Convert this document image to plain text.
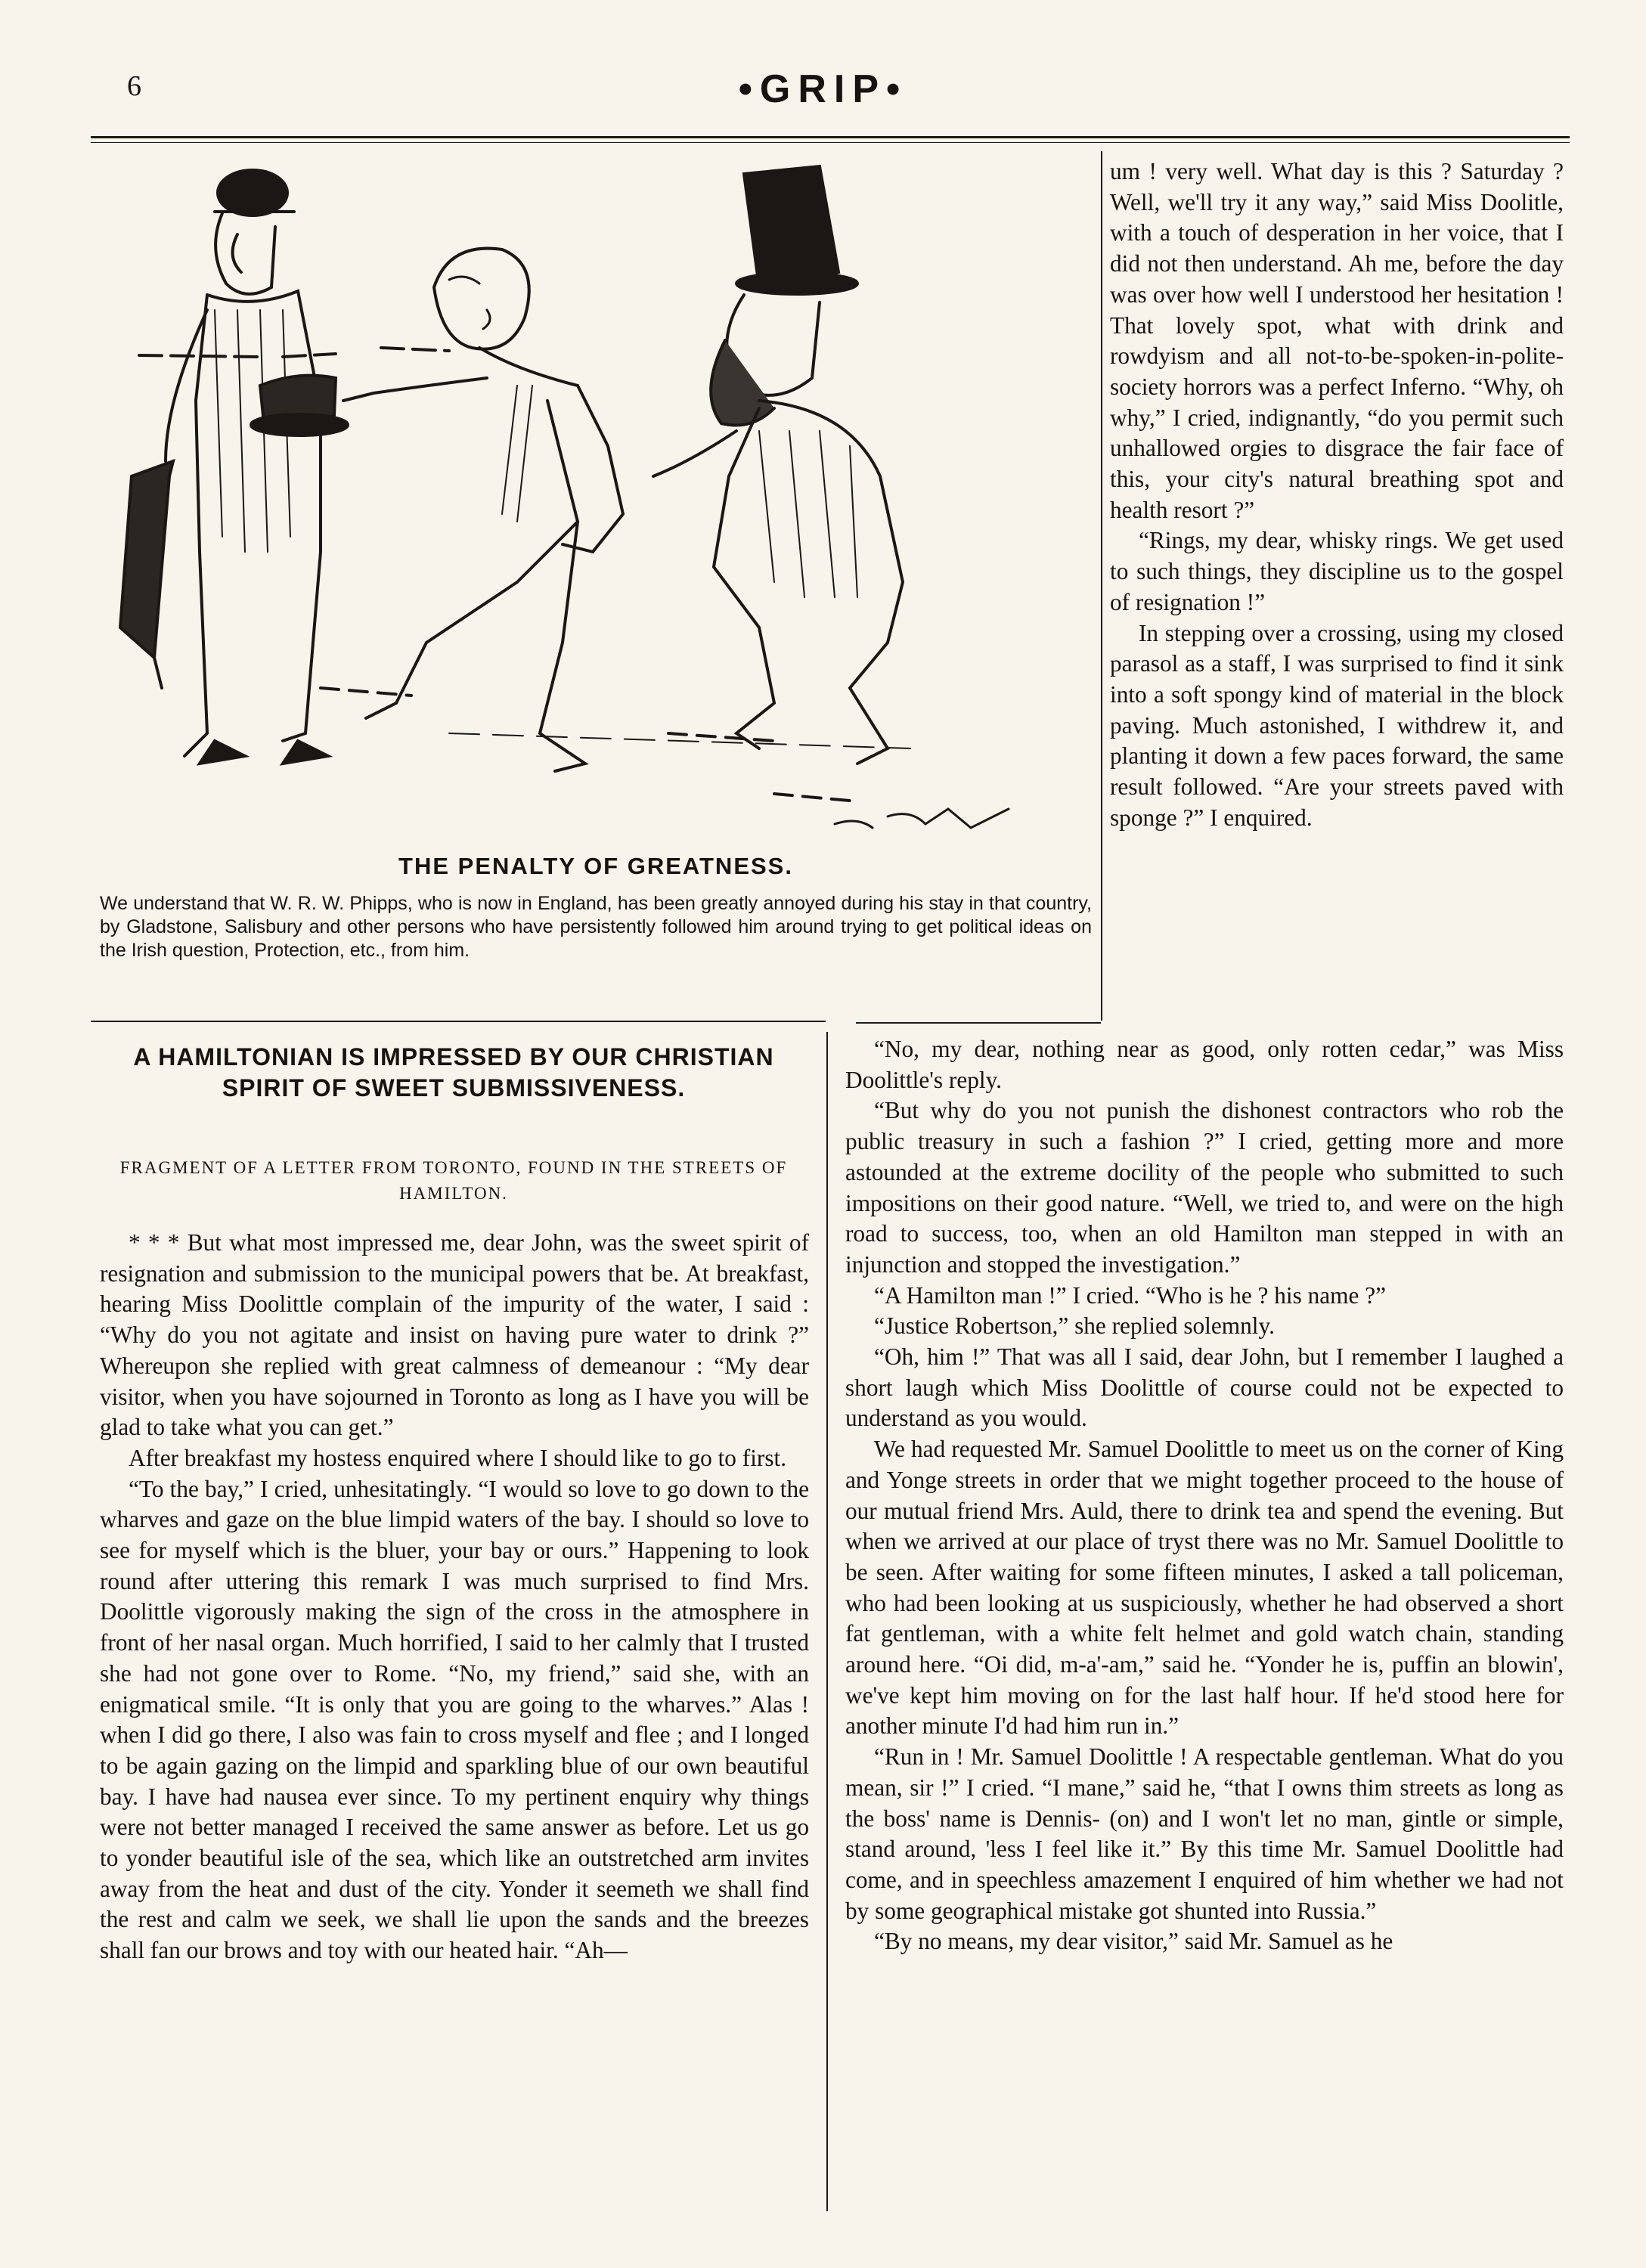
6	•GRIP•
THE PENALTY OF GREATNESS.
We understand that W. R. W. Phipps, who is now in England, has been greatly annoyed during his stay in that country, by Gladstone, Salisbury and other persons who have persistently followed him around trying to get political ideas on the Irish question, Protection, etc., from him.

um ! very well. What day is this ? Saturday ? Well, we'll try it any way,” said Miss Doolitle, with a touch of desperation in her voice, that I did not then understand. Ah me, before the day was over how well I understood her hesitation ! That lovely spot, what with drink and rowdyism and all not-to-be-spoken-in-polite-society horrors was a perfect Inferno. “Why, oh why,” I cried, indignantly, “do you permit such unhallowed orgies to disgrace the fair face of this, your city's natural breathing spot and health resort ?”

“Rings, my dear, whisky rings. We get used to such things, they discipline us to the gospel of resignation !”

In stepping over a crossing, using my closed parasol as a staff, I was surprised to find it sink into a soft spongy kind of material in the block paving. Much astonished, I withdrew it, and planting it down a few paces forward, the same result followed. “Are your streets paved with sponge ?” I enquired.

A HAMILTONIAN IS IMPRESSED BY OUR CHRISTIAN SPIRIT OF SWEET SUBMISSIVENESS.
FRAGMENT OF A LETTER FROM TORONTO, FOUND IN THE STREETS OF HAMILTON.

* * * But what most impressed me, dear John, was the sweet spirit of resignation and submission to the municipal powers that be. At breakfast, hearing Miss Doolittle complain of the impurity of the water, I said : “Why do you not agitate and insist on having pure water to drink ?” Whereupon she replied with great calmness of demeanour : “My dear visitor, when you have sojourned in Toronto as long as I have you will be glad to take what you can get.”

After breakfast my hostess enquired where I should like to go to first.

“To the bay,” I cried, unhesitatingly. “I would so love to go down to the wharves and gaze on the blue limpid waters of the bay. I should so love to see for myself which is the bluer, your bay or ours.” Happening to look round after uttering this remark I was much surprised to find Mrs. Doolittle vigorously making the sign of the cross in the atmosphere in front of her nasal organ. Much horrified, I said to her calmly that I trusted she had not gone over to Rome. “No, my friend,” said she, with an enigmatical smile. “It is only that you are going to the wharves.” Alas ! when I did go there, I also was fain to cross myself and flee ; and I longed to be again gazing on the limpid and sparkling blue of our own beautiful bay. I have had nausea ever since. To my pertinent enquiry why things were not better managed I received the same answer as before. Let us go to yonder beautiful isle of the sea, which like an outstretched arm invites away from the heat and dust of the city. Yonder it seemeth we shall find the rest and calm we seek, we shall lie upon the sands and the breezes shall fan our brows and toy with our heated hair. “Ah—

“No, my dear, nothing near as good, only rotten cedar,” was Miss Doolittle's reply.

“But why do you not punish the dishonest contractors who rob the public treasury in such a fashion ?” I cried, getting more and more astounded at the extreme docility of the people who submitted to such impositions on their good nature. “Well, we tried to, and were on the high road to success, too, when an old Hamilton man stepped in with an injunction and stopped the investigation.”

“A Hamilton man !” I cried. “Who is he ? his name ?”

“Justice Robertson,” she replied solemnly.

“Oh, him !” That was all I said, dear John, but I remember I laughed a short laugh which Miss Doolittle of course could not be expected to understand as you would.

We had requested Mr. Samuel Doolittle to meet us on the corner of King and Yonge streets in order that we might together proceed to the house of our mutual friend Mrs. Auld, there to drink tea and spend the evening. But when we arrived at our place of tryst there was no Mr. Samuel Doolittle to be seen. After waiting for some fifteen minutes, I asked a tall policeman, who had been looking at us suspiciously, whether he had observed a short fat gentleman, with a white felt helmet and gold watch chain, standing around here. “Oi did, m-a'-am,” said he. “Yonder he is, puffin an blowin', we've kept him moving on for the last half hour. If he'd stood here for another minute I'd had him run in.”

“Run in ! Mr. Samuel Doolittle ! A respectable gentleman. What do you mean, sir !” I cried. “I mane,” said he, “that I owns thim streets as long as the boss' name is Dennis- (on) and I won't let no man, gintle or simple, stand around, 'less I feel like it.” By this time Mr. Samuel Doolittle had come, and in speechless amazement I enquired of him whether we had not by some geographical mistake got shunted into Russia.”

“By no means, my dear visitor,” said Mr. Samuel as he
